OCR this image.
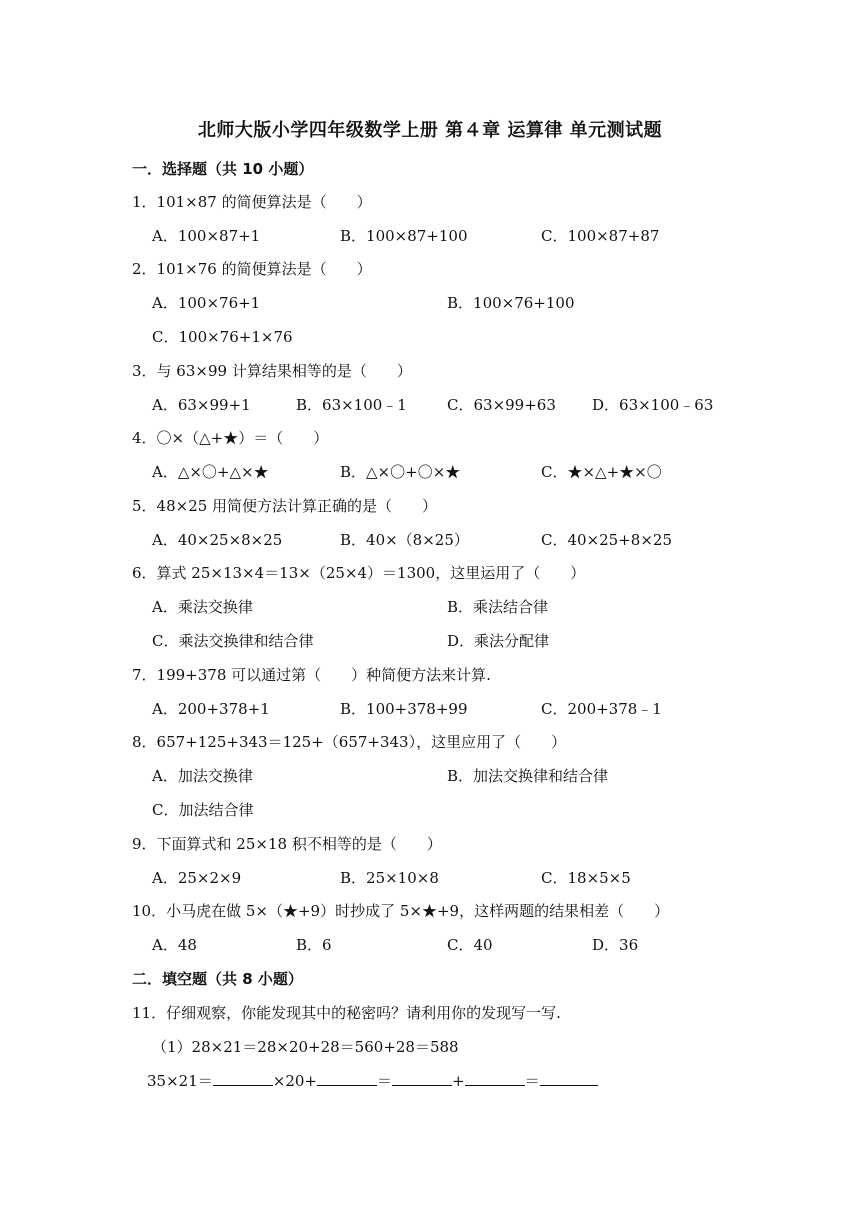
北师大版小学四年级数学上册 第４章 运算律 单元测试题
一．选择题（共 10 小题）
1．101×87 的简便算法是（　　）
A．100×87+1	B．100×87+100	C．100×87+87
2．101×76 的简便算法是（　　）
A．100×76+1	B．100×76+100
C．100×76+1×76
3．与 63×99 计算结果相等的是（　　）
A．63×99+1	B．63×100﹣1	C．63×99+63 D．63×100﹣63
4．〇×（△+★）＝（　　）
A．△×〇+△×★	B．△×〇+〇×★	C．★×△+★×〇
5．48×25 用简便方法计算正确的是（　　）
A．40×25×8×25	B．40×（8×25）	C．40×25+8×25
6．算式 25×13×4＝13×（25×4）＝1300，这里运用了（　　）
A．乘法交换律	B．乘法结合律
C．乘法交换律和结合律	D．乘法分配律
7．199+378 可以通过第（　　）种简便方法来计算.
A．200+378+1	B．100+378+99	C．200+378﹣1
8．657+125+343＝125+（657+343），这里应用了（　　）
A．加法交换律	B．加法交换律和结合律
C．加法结合律
9．下面算式和 25×18 积不相等的是（　　）
A．25×2×9	B．25×10×8	C．18×5×5
10．小马虎在做 5×（★+9）时抄成了 5×★+9，这样两题的结果相差（　　）
A．48	B．6	C．40	D．36
二．填空题（共 8 小题）
11．仔细观察，你能发现其中的秘密吗？请利用你的发现写一写.
（1）28×21＝28×20+28＝560+28＝588
35×21＝	×20+	＝	+	＝
